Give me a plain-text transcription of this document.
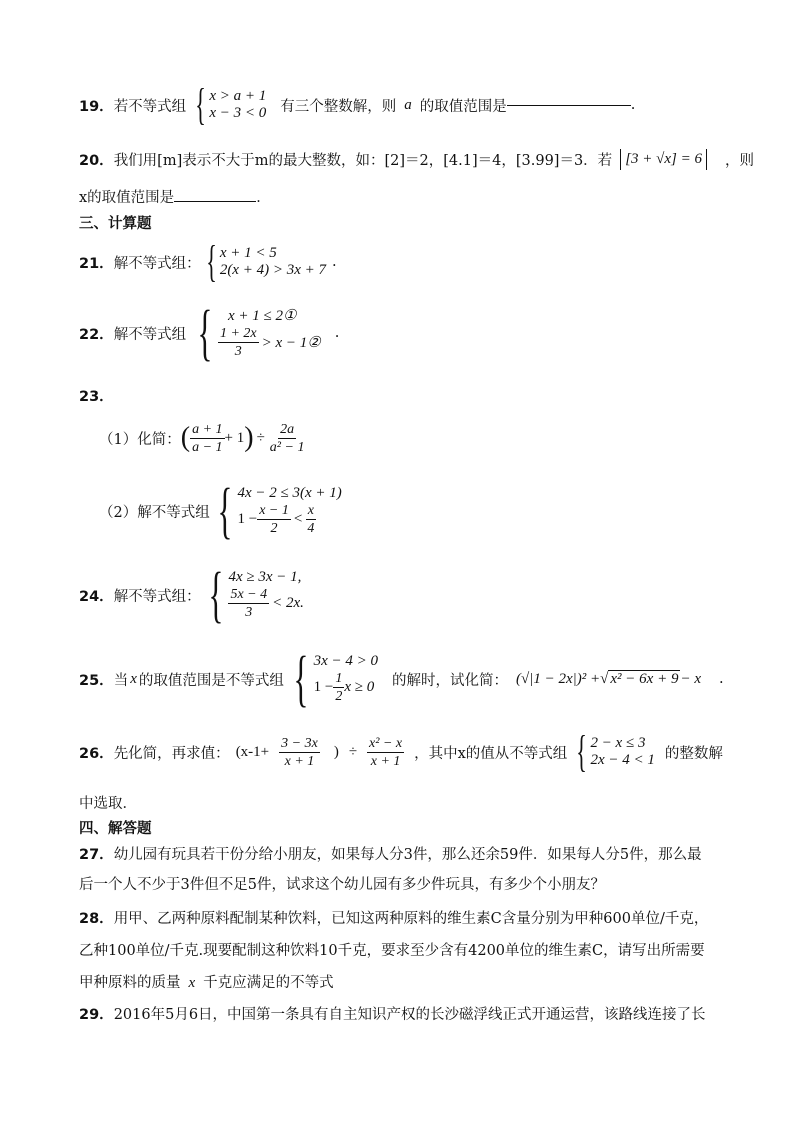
19． 若不等式组 { x > a + 1
x − 3 < 0 有三个整数解，则 a 的取值范围是	.
20． 我们用[m]表示不大于m的最大整数，如：[2]＝2，[4.1]＝4，[3.99]＝3．若 [3 + √x] = 6	，则
x的取值范围是	．
三、计算题
21． 解不等式组： { x + 1 < 5
2(x + 4) > 3x + 7 .
22． 解不等式组 { x + 1 ≤ 2①
$\frac{1 + 2x}{3} > x$ − 1②
.
23．
（1）化简： ( $\frac{a + 1}{a - 1} + 1$ ) ÷ $\frac{2a}{\text{a² − 1}}$
（2）解不等式组 { 4x − 2 ≤ 3(x + 1)
$1 - \frac{x - 1}{2} < \frac{x}{4}$
24． 解不等式组： { 4x ≥ 3x − 1,
$\frac{5x - 4}{3} < 2x$.
25． 当 x 的取值范围是不等式组 { 3x − 4 > 0
$1 - \frac{1}{2}$ x ≥ 0 的解时，试化简： (√|1 − 2x|)² + √ x² − 6x + 9 − x .
26． 先化简，再求值： ($x-1+ \frac{3 - 3x}{x + 1}$ ) ÷ $\frac{\text{x² − x}}{x + 1}$ ，其中x的值从不等式组 { 2 − x ≤ 3
2x − 4 < 1 的整数解
中选取．
四、解答题
27．幼儿园有玩具若干份分给小朋友，如果每人分3件，那么还余59件．如果每人分5件，那么最
后一个人不少于3件但不足5件，试求这个幼儿园有多少件玩具，有多少个小朋友？
28．用甲、乙两种原料配制某种饮料，已知这两种原料的维生素C含量分别为甲种600单位/千克，
乙种100单位/千克.现要配制这种饮料10千克，要求至少含有4200单位的维生素C，请写出所需要
甲种原料的质量 x 千克应满足的不等式
29．2016年5月6日，中国第一条具有自主知识产权的长沙磁浮线正式开通运营，该路线连接了长
